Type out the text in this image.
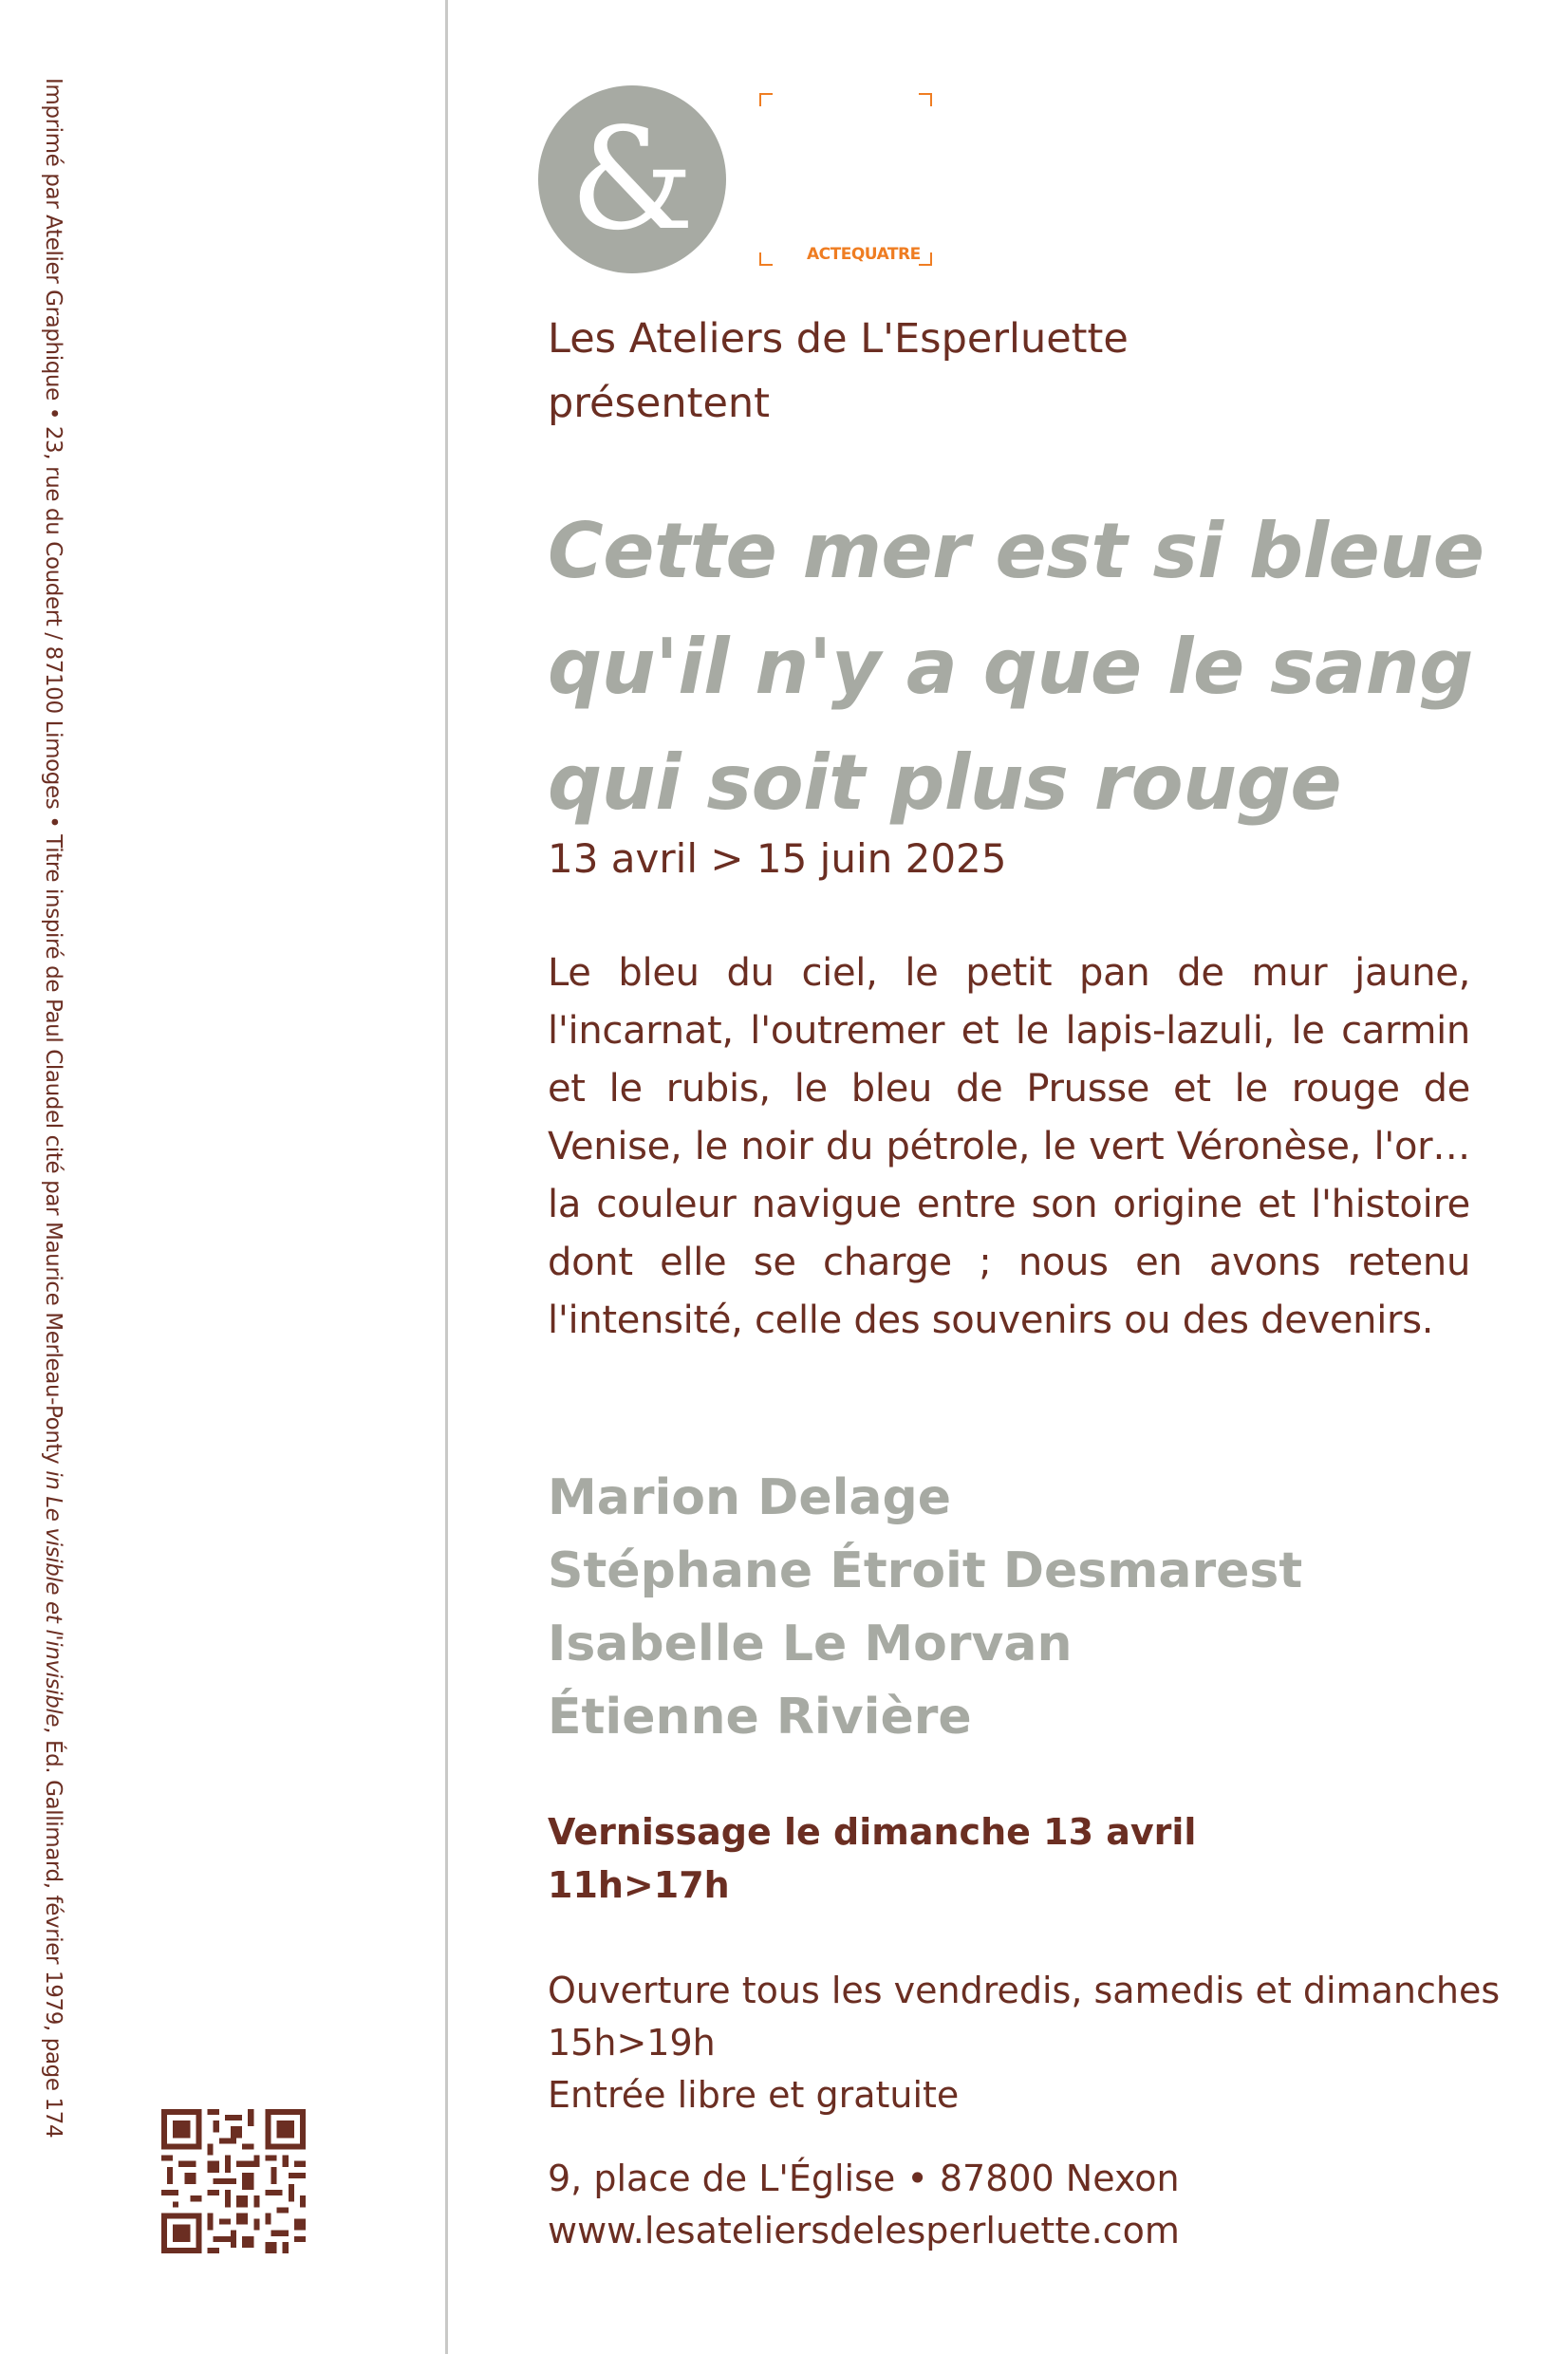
Imprimé par Atelier Graphique • 23, rue du Coudert / 87100 Limoges • Titre inspiré de Paul Claudel cité par Maurice Merleau-Ponty in Le visible et l'invisible, Éd. Gallimard, février 1979, page 174
&	ACTEQUATRE
Les Ateliers de L'Esperluette
présentent
Cette mer est si bleue
qu'il n'y a que le sang
qui soit plus rouge
13 avril > 15 juin 2025
Le bleu du ciel, le petit pan de mur jaune, l'incarnat, l'outremer et le lapis-lazuli, le carmin et le rubis, le bleu de Prusse et le rouge de Venise, le noir du pétrole, le vert Véronèse, l'or… la couleur navigue entre son origine et l'histoire dont elle se charge ; nous en avons retenu l'intensité, celle des souvenirs ou des devenirs.
Marion Delage
Stéphane Étroit Desmarest
Isabelle Le Morvan
Étienne Rivière
Vernissage le dimanche 13 avril
11h>17h
Ouverture tous les vendredis, samedis et dimanches
15h>19h
Entrée libre et gratuite
9, place de L'Église • 87800 Nexon
www.lesateliersdelesperluette.com
